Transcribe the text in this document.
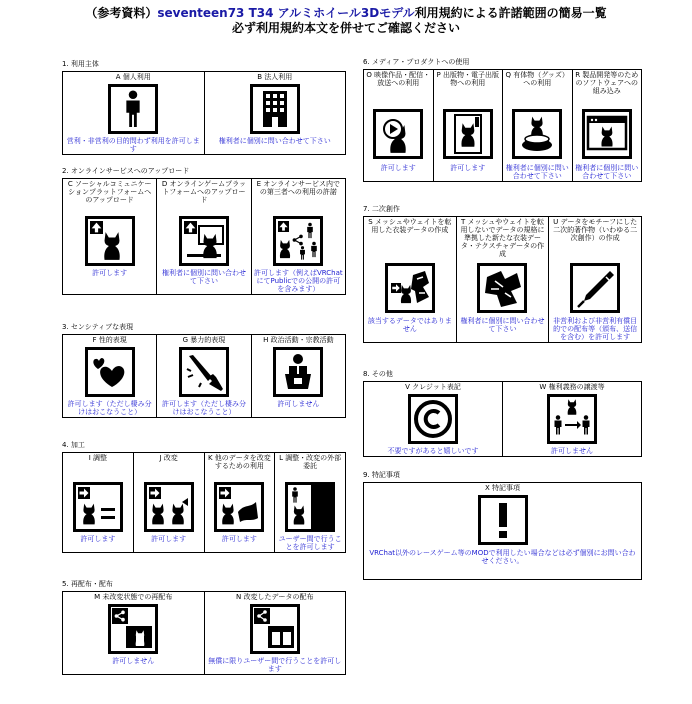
（参考資料）seventeen73 T34 アルミホイール3Dモデル利用規約による許諾範囲の簡易一覧
必ず利用規約本文を併せてご確認ください
1. 利用主体
A 個人利用
営利・非営利の目的問わず利用を許可します

B 法人利用
権利者に個別に問い合わせて下さい
2. オンラインサービスへのアップロード
C ソーシャルコミュニケーションプラットフォームへのアップロード
許可します

D オンラインゲームプラットフォームへのアップロード
権利者に個別に問い合わせて下さい

E オンラインサービス内での第三者への利用の許諾
許可します（例えばVRChatにてPublicでの公開の許可を含みます）
3. センシティブな表現
F 性的表現
許可します（ただし棲み分けはおこなうこと）

G 暴力的表現
許可します（ただし棲み分けはおこなうこと）

H 政治活動・宗教活動
許可しません
4. 加工
I 調整
許可します

J 改変
許可します

K 他のデータを改変するための利用
許可します

L 調整・改変の外部委託
ユーザー間で行うことを許可します
5. 再配布・配布
M 未改変状態での再配布
許可しません

N 改変したデータの配布
無償に限りユーザー間で行うことを許可します
6. メディア・プロダクトへの使用
O 映像作品・配信・放送への利用
許可します

P 出版物・電子出版物への利用
許可します

Q 有体物（グッズ）への利用
権利者に個別に問い合わせて下さい

R 製品開発等のためのソフトウェアへの組み込み
権利者に個別に問い合わせて下さい
7. 二次創作
S メッシュやウェイトを転用した衣装データの作成
該当するデータではありません

T メッシュやウェイトを転用しないでデータの規格に準拠した新たな衣装データ・テクスチャデータの作成
権利者に個別に問い合わせて下さい

U データをモチーフにした二次的著作物（いわゆる二次創作）の作成
非営利および非営利有償目的での配布等（頒布、送信を含む）を許可します
8. その他
V クレジット表記
不要ですがあると嬉しいです

W 権利義務の譲渡等
許可しません
9. 特記事項
X 特記事項
VRChat以外のレースゲーム等のMODで利用したい場合などは必ず個別にお問い合わせください。
